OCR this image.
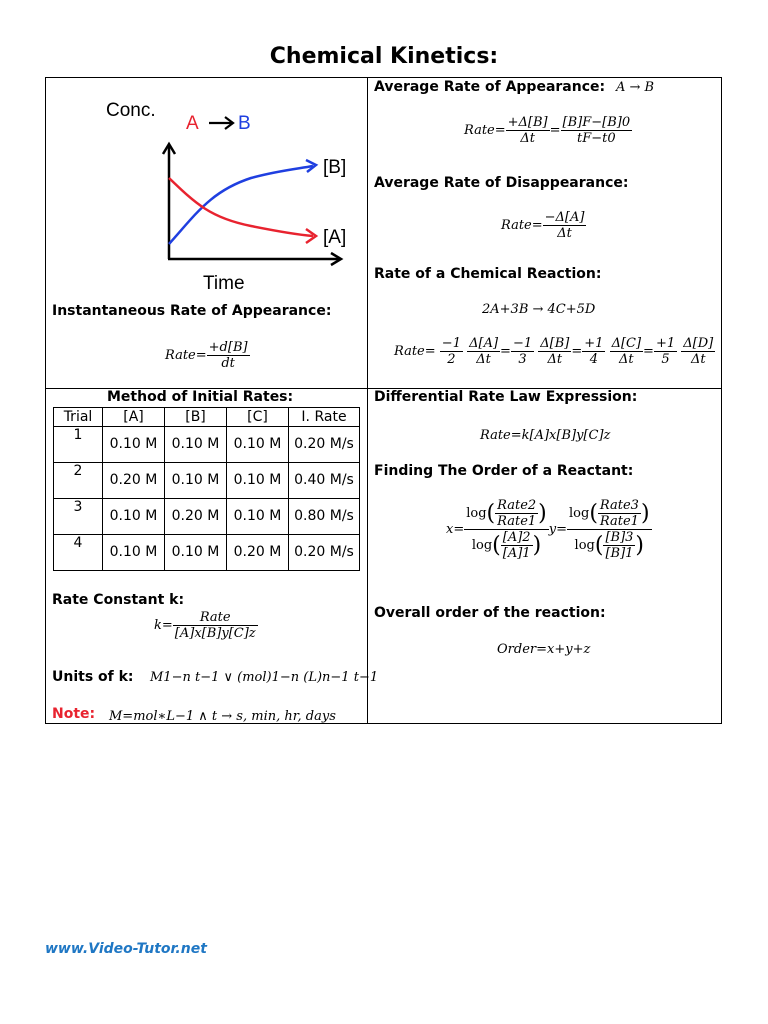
Chemical Kinetics:
Conc.
A B
[B]
[A]
Time
Instantaneous Rate of Appearance:
Rate= $\frac{+d[B]}{dt}$
Average Rate of Appearance: A → B
Rate= $\frac{+\Delta[B]}{\Delta t} = \frac{[B]F-[B]0}{tF-t0}$
Average Rate of Disappearance:
Rate= $\frac{-\Delta[A]}{\Delta t}$
Rate of a Chemical Reaction:
2A+3B → 4C+5D
Rate= $\frac{-1}{2}$
$\frac{\Delta[A]}{\Delta t} = \frac{-1}{3}$
$\frac{\Delta[B]}{\Delta t} = \frac{+1}{4}$
$\frac{\Delta[C]}{\Delta t} = \frac{+1}{5}$
$\frac{\Delta[D]}{\Delta t}$
Method of Initial Rates:
Trial	[A]	[B]	[C]	I. Rate
1	0.10 M	0.10 M	0.10 M	0.20 M/s
2	0.20 M	0.10 M	0.10 M	0.40 M/s
3	0.10 M	0.20 M	0.10 M	0.80 M/s
4	0.10 M	0.10 M	0.20 M	0.20 M/s
Rate Constant k:
$k= \frac{\text{Rate}}{[A]x[B]y[C]z}$
Units of k: M1−n t−1 ∨ (mol)1−n (L)n−1 t−1
Note: M=mol∗L−1 ∧ t → s, min, hr, days
Differential Rate Law Expression:
Rate=k[A]x[B]y[C]z
Finding The Order of a Reactant:
$x= \frac{\log( \frac{\text{Rate2}}{\text{Rate1}} )}{\log( \frac{[A]2}{[A]1} )} y= \frac{\log( \frac{\text{Rate3}}{\text{Rate1}} )}{\log( \frac{[B]3}{[B]1} )}$
Overall order of the reaction:
Order=x+y+z
www.Video-Tutor.net
